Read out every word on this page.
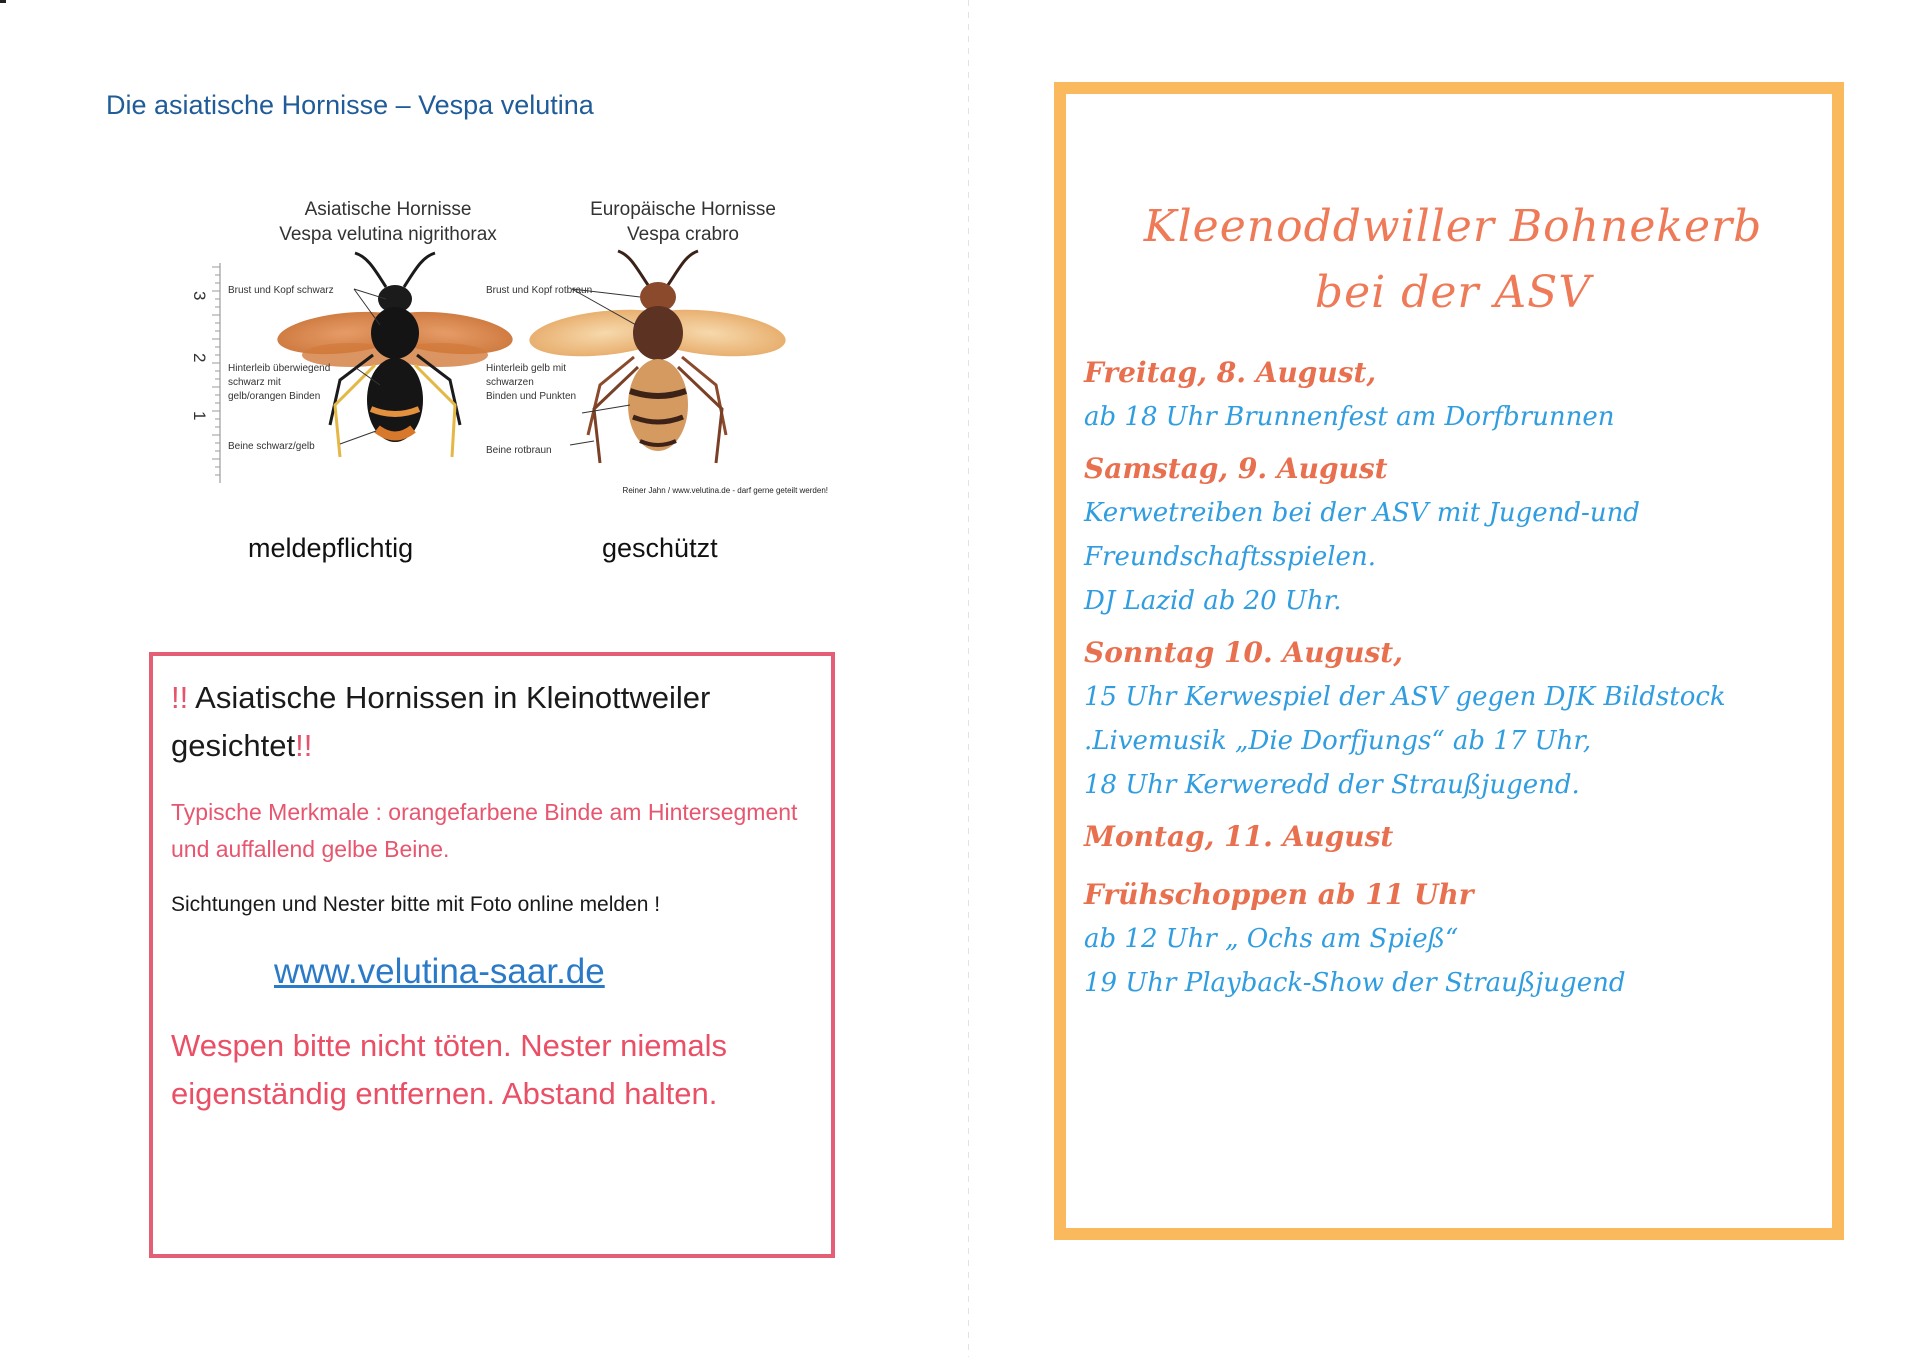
Die asiatische Hornisse – Vespa velutina
Asiatische Hornisse
Vespa velutina nigrithorax
Europäische Hornisse
Vespa crabro
3
2
1
Brust und Kopf schwarz
Hinterleib überwiegend
schwarz mit
gelb/orangen Binden
Beine schwarz/gelb
Brust und Kopf rotbraun
Hinterleib gelb mit
schwarzen
Binden und Punkten
Beine rotbraun
Reiner Jahn / www.velutina.de - darf gerne geteilt werden!
meldepflichtig	geschützt
!! Asiatische Hornissen in Kleinottweiler gesichtet!!

Typische Merkmale : orangefarbene Binde am Hintersegment und auffallend gelbe Beine.

Sichtungen und Nester bitte mit Foto online melden !

www.velutina-saar.de

Wespen bitte nicht töten. Nester niemals eigenständig entfernen. Abstand halten.

Kleenoddwiller Bohnekerb
bei der ASV

Freitag, 8. August,

ab 18 Uhr Brunnenfest am Dorfbrunnen

Samstag, 9. August

Kerwetreiben bei der ASV mit Jugend-und

Freundschaftsspielen.

DJ Lazid ab 20 Uhr.

Sonntag 10. August,

15 Uhr Kerwespiel der ASV gegen DJK Bildstock

.Livemusik „Die Dorfjungs“ ab 17 Uhr,

18 Uhr Kerweredd der Straußjugend.

Montag, 11. August

Frühschoppen ab 11 Uhr

ab 12 Uhr „ Ochs am Spieß“

19 Uhr Playback-Show der Straußjugend
